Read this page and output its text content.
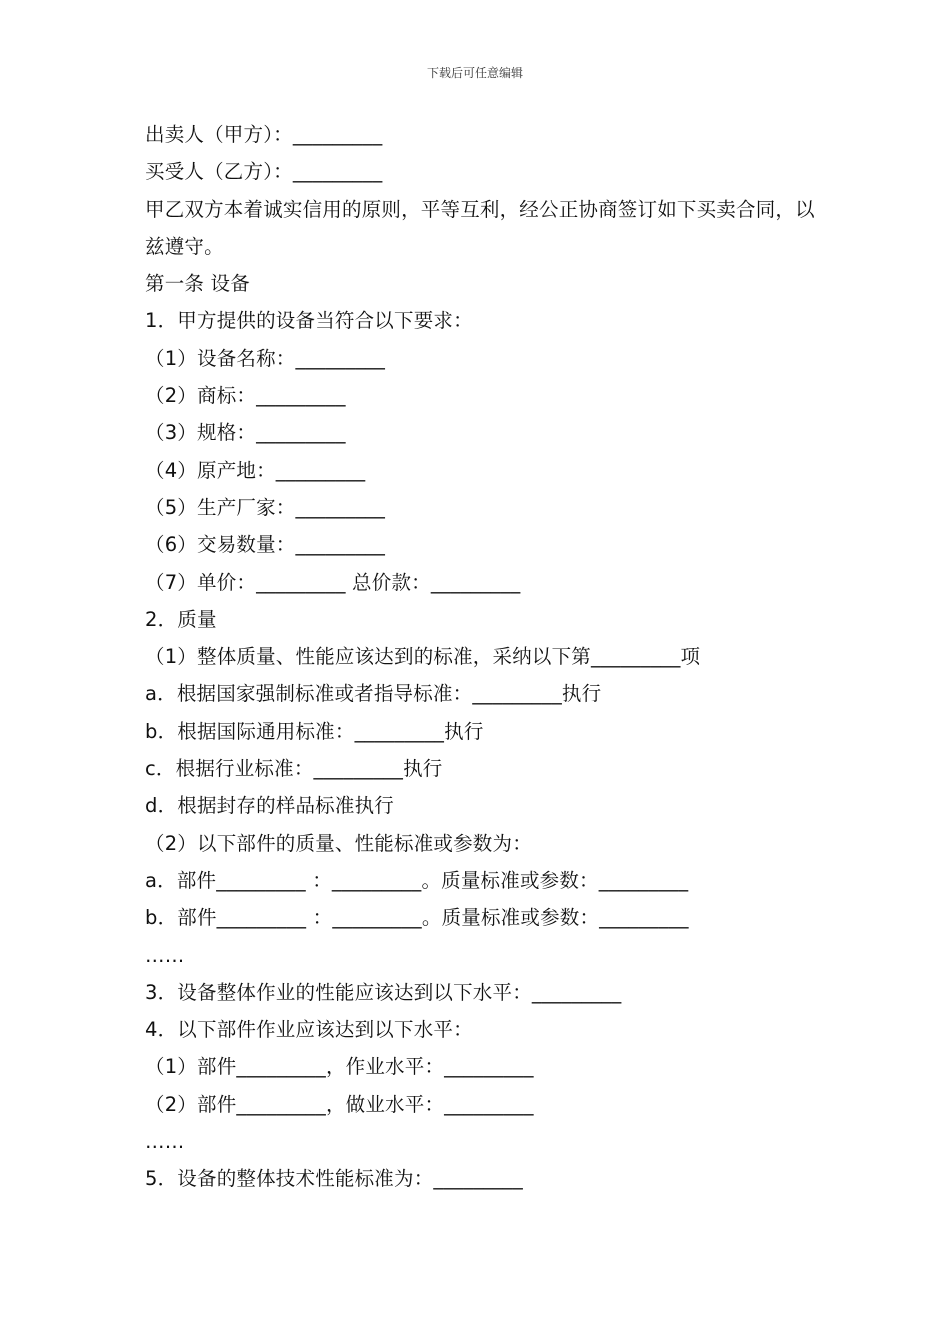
下载后可任意编辑
出卖人（甲方）：_________
买受人（乙方）：_________
甲乙双方本着诚实信用的原则，平等互利，经公正协商签订如下买卖合同，以兹遵守。
第一条 设备
1．甲方提供的设备当符合以下要求：
（1）设备名称：_________
（2）商标：_________
（3）规格：_________
（4）原产地：_________
（5）生产厂家：_________
（6）交易数量：_________
（7）单价：_________ 总价款：_________
2．质量
（1）整体质量、性能应该达到的标准，采纳以下第_________项
a．根据国家强制标准或者指导标准：_________执行
b．根据国际通用标准：_________执行
c．根据行业标准：_________执行
d．根据封存的样品标准执行
（2）以下部件的质量、性能标准或参数为：
a．部件_________ ：_________。质量标准或参数：_________
b．部件_________ ：_________。质量标准或参数：_________
……
3．设备整体作业的性能应该达到以下水平：_________
4．以下部件作业应该达到以下水平：
（1）部件_________，作业水平：_________
（2）部件_________，做业水平：_________
……
5．设备的整体技术性能标准为：_________
